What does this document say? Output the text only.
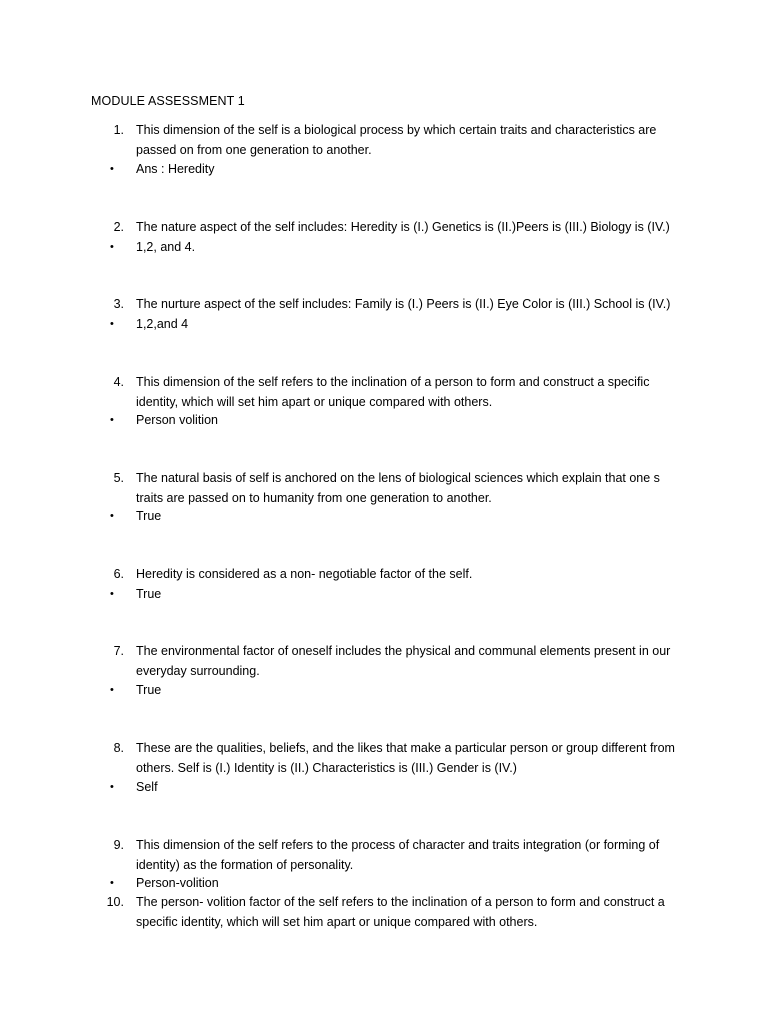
MODULE ASSESSMENT 1
1. This dimension of the self is a biological process by which certain traits and characteristics are passed on from one generation to another.
•	Ans : Heredity
2. The nature aspect of the self includes: Heredity is (I.) Genetics is (II.)Peers is (III.) Biology is (IV.)
•	1,2, and 4.
3. The nurture aspect of the self includes: Family is (I.) Peers is (II.) Eye Color is (III.) School is (IV.)
•	1,2,and 4
4. This dimension of the self refers to the inclination of a person to form and construct a specific identity, which will set him apart or unique compared with others.
•	Person volition
5. The natural basis of self is anchored on the lens of biological sciences which explain that one s traits are passed on to humanity from one generation to another.
•	True
6. Heredity is considered as a non- negotiable factor of the self.
•	True
7. The environmental factor of oneself includes the physical and communal elements present in our everyday surrounding.
•	True
8. These are the qualities, beliefs, and the likes that make a particular person or group different from others. Self is (I.) Identity is (II.) Characteristics is (III.) Gender is (IV.)
•	Self
9. This dimension of the self refers to the process of character and traits integration (or forming of identity) as the formation of personality.
•	Person-volition
10. The person- volition factor of the self refers to the inclination of a person to form and construct a specific identity, which will set him apart or unique compared with others.
